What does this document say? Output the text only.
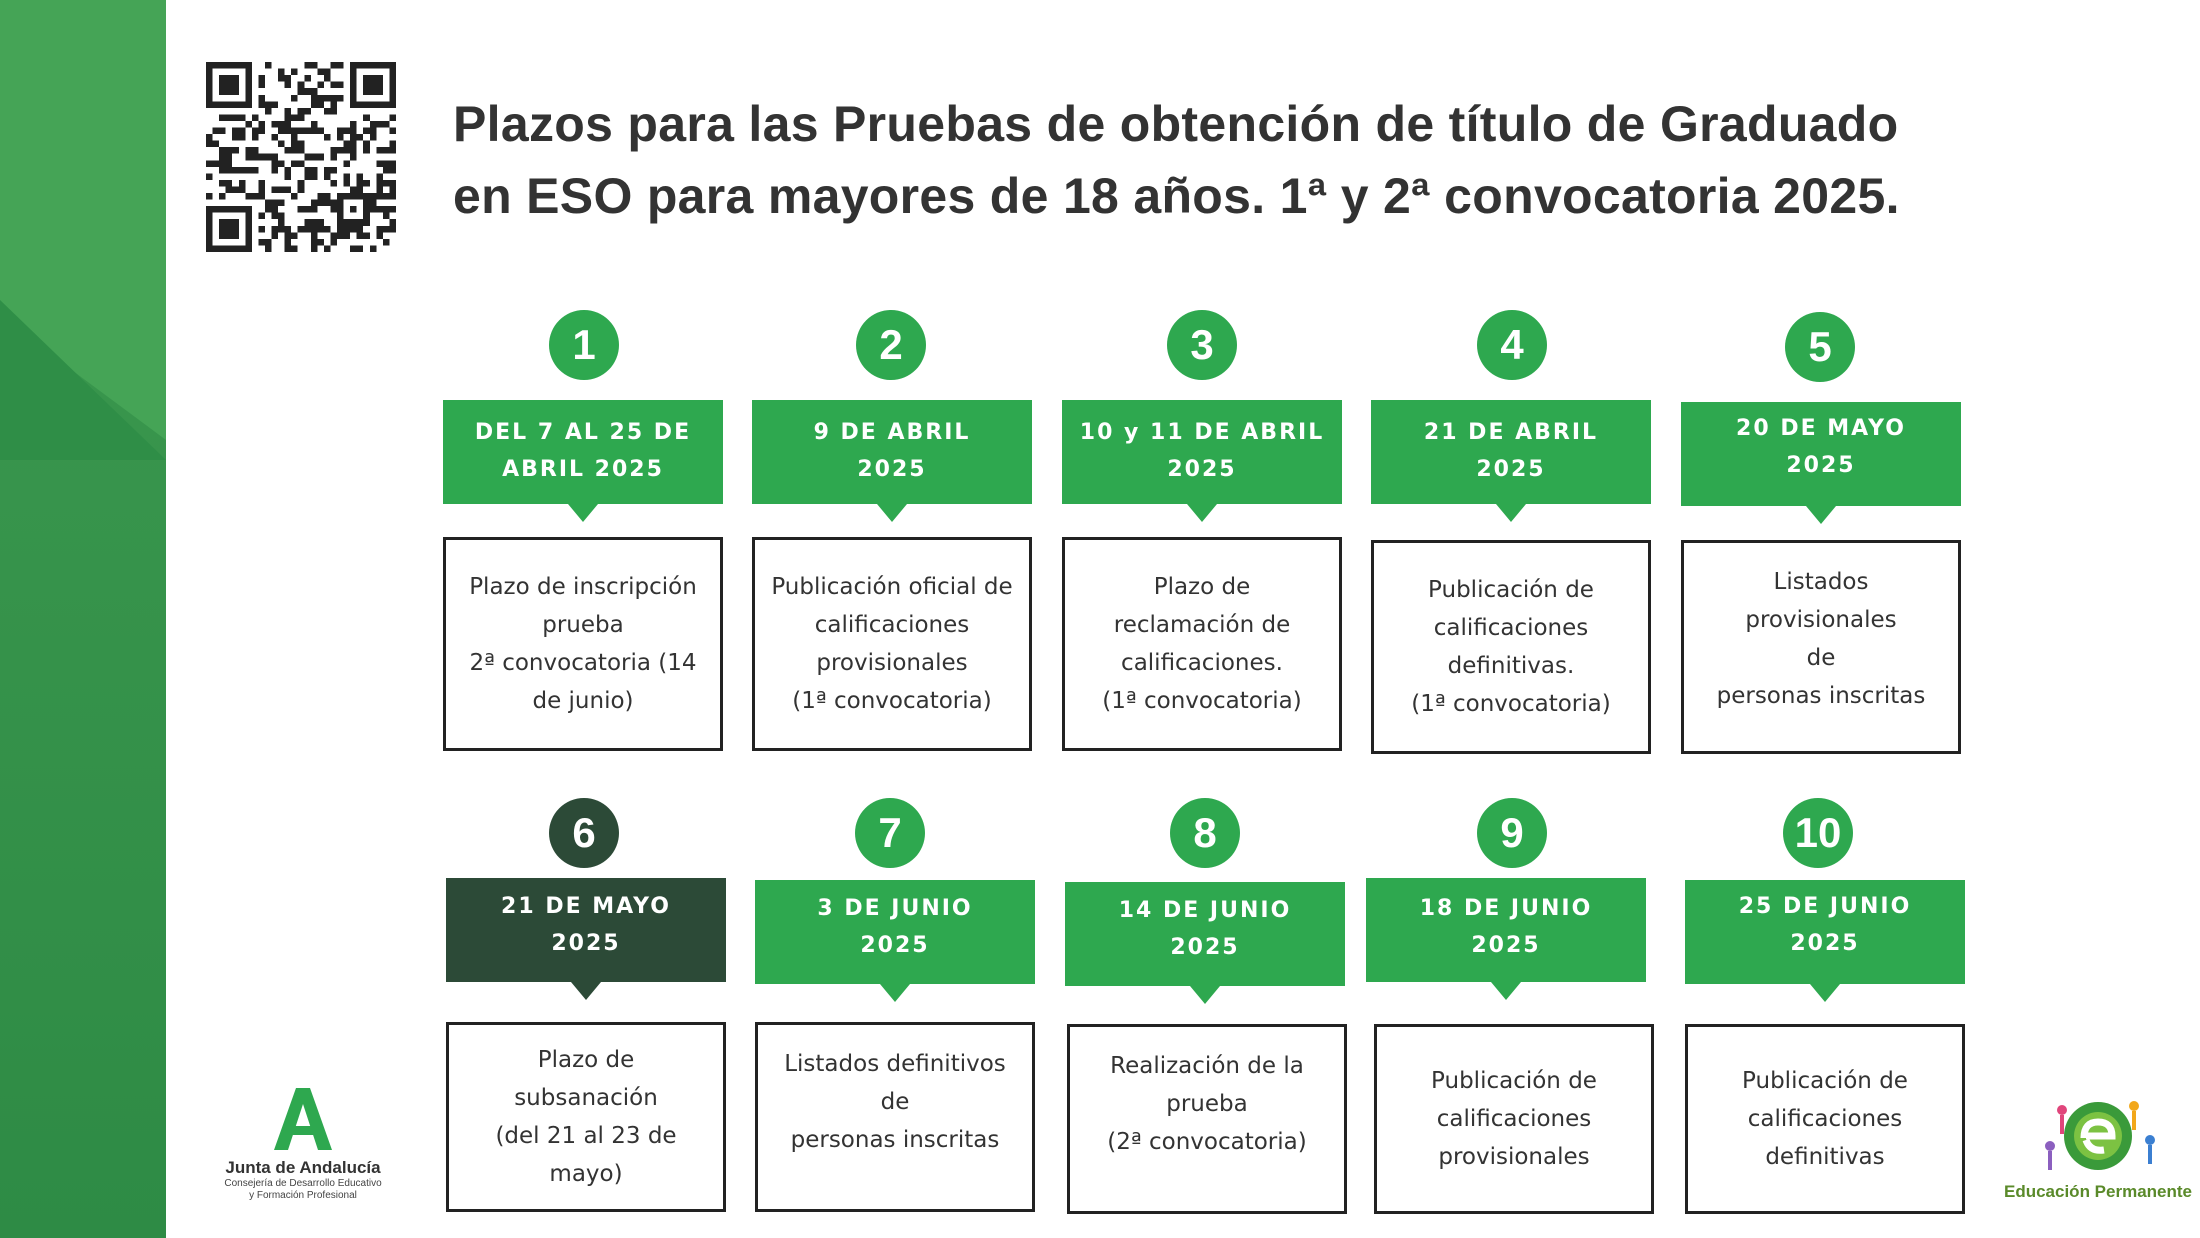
Plazos para las Pruebas de obtención de título de Graduado
en ESO para mayores de 18 años. 1ª y 2ª convocatoria 2025.
1
DEL 7 AL 25 DE
ABRIL 2025
Plazo de inscripción
prueba
2ª convocatoria (14
de junio)
2
9 DE ABRIL
2025
Publicación oficial de
calificaciones
provisionales
(1ª convocatoria)
3
10 y 11 DE ABRIL
2025
Plazo de
reclamación de
calificaciones.
(1ª convocatoria)
4
21 DE ABRIL
2025
Publicación de
calificaciones
definitivas.
(1ª convocatoria)
5
20 DE MAYO
2025
Listados provisionales
de
personas inscritas
6
21 DE MAYO
2025
Plazo de
subsanación
(del 21 al 23 de mayo)
7
3 DE JUNIO
2025
Listados definitivos
de
personas inscritas
8
14 DE JUNIO
2025
Realización de la
prueba
(2ª convocatoria)
9
18 DE JUNIO
2025
Publicación de
calificaciones
provisionales
10
25 DE JUNIO
2025
Publicación de
calificaciones
definitivas
Junta de Andalucía
Consejería de Desarrollo Educativo
y Formación Profesional	Educación Permanente
